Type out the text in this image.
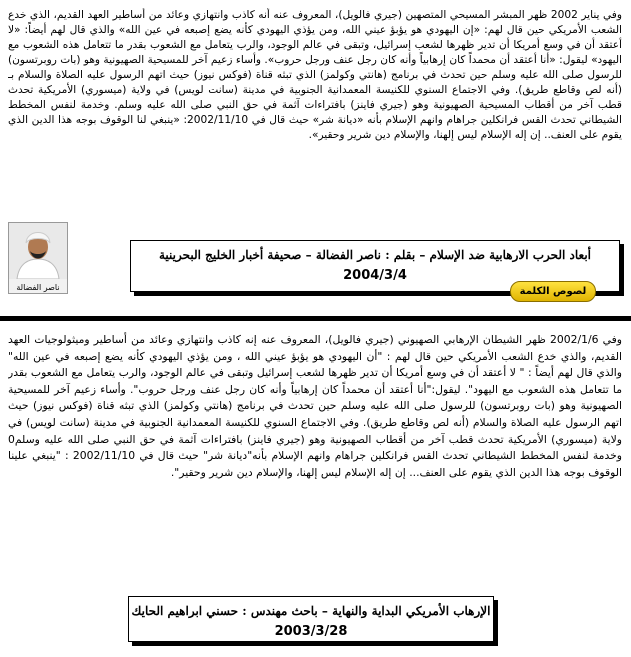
وفي يناير 2002 ظهر المبشر المسيحي المتصهين (جيري فالويل)، المعروف عنه أنه كاذب وانتهازي وعائد من أساطير العهد القديم، الذي خدع الشعب الأمريكي حين قال لهم: «إن اليهودي هو يؤبؤ عيني الله، ومن يؤذي اليهودي كأنه يضع إصبعه في عين الله» والذي قال لهم أيضاً: «لا أعتقد أن في وسع أمريكا أن تدير ظهرها لشعب إسرائيل، وتبقى في عالم الوجود، والرب يتعامل مع الشعوب بقدر ما تتعامل هذه الشعوب مع اليهود» ليقول: «أنا أعتقد أن محمداً كان إرهابياً وأنه كان رجل عنف ورجل حروب». وأساء زعيم آخر للمسيحية الصهيونية وهو (بات روبرتسون) للرسول صلى الله عليه وسلم حين تحدث في برنامج (هانتي وكولمز) الذي تبثه قناة (فوكس نيوز) حيث اتهم الرسول عليه الصلاة والسلام بـ (أنه لص وقاطع طريق). وفي الاجتماع السنوي للكنيسة المعمدانية الجنوبية في مدينة (سانت لويس) في ولاية (ميسوري) الأمريكية تحدث قطب آخر من أقطاب المسيحية الصهيونية وهو (جيري فاينز) بافتراءات آثمة في حق النبي صلى الله عليه وسلم. وخدمة لنفس المخطط الشيطاني تحدث القس فرانكلين جراهام وانهم الإسلام بأنه «ديانة شر» حيث قال في 2002/11/10: «ينبغي لنا الوقوف بوجه هذا الدين الذي يقوم على العنف.. إن إله الإسلام ليس إلهنا، والإسلام دين شرير وحقير».

ناصر الفضالة
أبعاد الحرب الارهابية ضد الإسلام – بقلم : ناصر الفضالة – صحيفة أخبار الخليج البحرينية
2004/3/4
لصوص الكلمة

وفي 2002/1/6 ظهر الشيطان الإرهابي الصهيوني (جيري فالويل)، المعروف عنه إنه كاذب وانتهازي وعائد من أساطير وميثولوجيات العهد القديم، والذي خدع الشعب الأمريكي حين قال لهم : "أن اليهودي هو يؤبؤ عيني الله ، ومن يؤذي اليهودي كأنه يضع إصبعه في عين الله" والذي قال لهم أيضاً : " لا أعتقد أن في وسع أمريكا أن تدير ظهرها لشعب إسرائيل وتبقى في عالم الوجود، والرب يتعامل مع الشعوب بقدر ما تتعامل هذه الشعوب مع اليهود". ليقول:"أنا أعتقد أن محمداً كان إرهابياً وأنه كان رجل عنف ورجل حروب". وأساء زعيم آخر للمسيحية الصهيونية وهو (بات روبرتسون) للرسول صلى الله عليه وسلم حين تحدث في برنامج (هانتي وكولمز) الذي تبثه قناة (فوكس نيوز) حيث اتهم الرسول عليه الصلاة والسلام (أنه لص وقاطع طريق). وفي الاجتماع السنوي للكنيسة المعمدانية الجنوبية في مدينة (سانت لويس) في ولاية (ميسوري) الأمريكية تحدث قطب آخر من أقطاب الصهيونية وهو (جيري فاينز) بافتراءات آثمة في حق النبي صلى الله عليه وسلم0 وخدمة لنفس المخطط الشيطاني تحدث القس فرانكلين جراهام وانهم الإسلام بأنه"ديانة شر" حيث قال في 2002/11/10 : "ينبغي علينا الوقوف بوجه هذا الدين الذي يقوم على العنف... إن إله الإسلام ليس إلهنا، والإسلام دين شرير وحقير".

الإرهاب الأمريكي البداية والنهاية – باحث مهندس : حسني ابراهيم الحايك
2003/3/28
